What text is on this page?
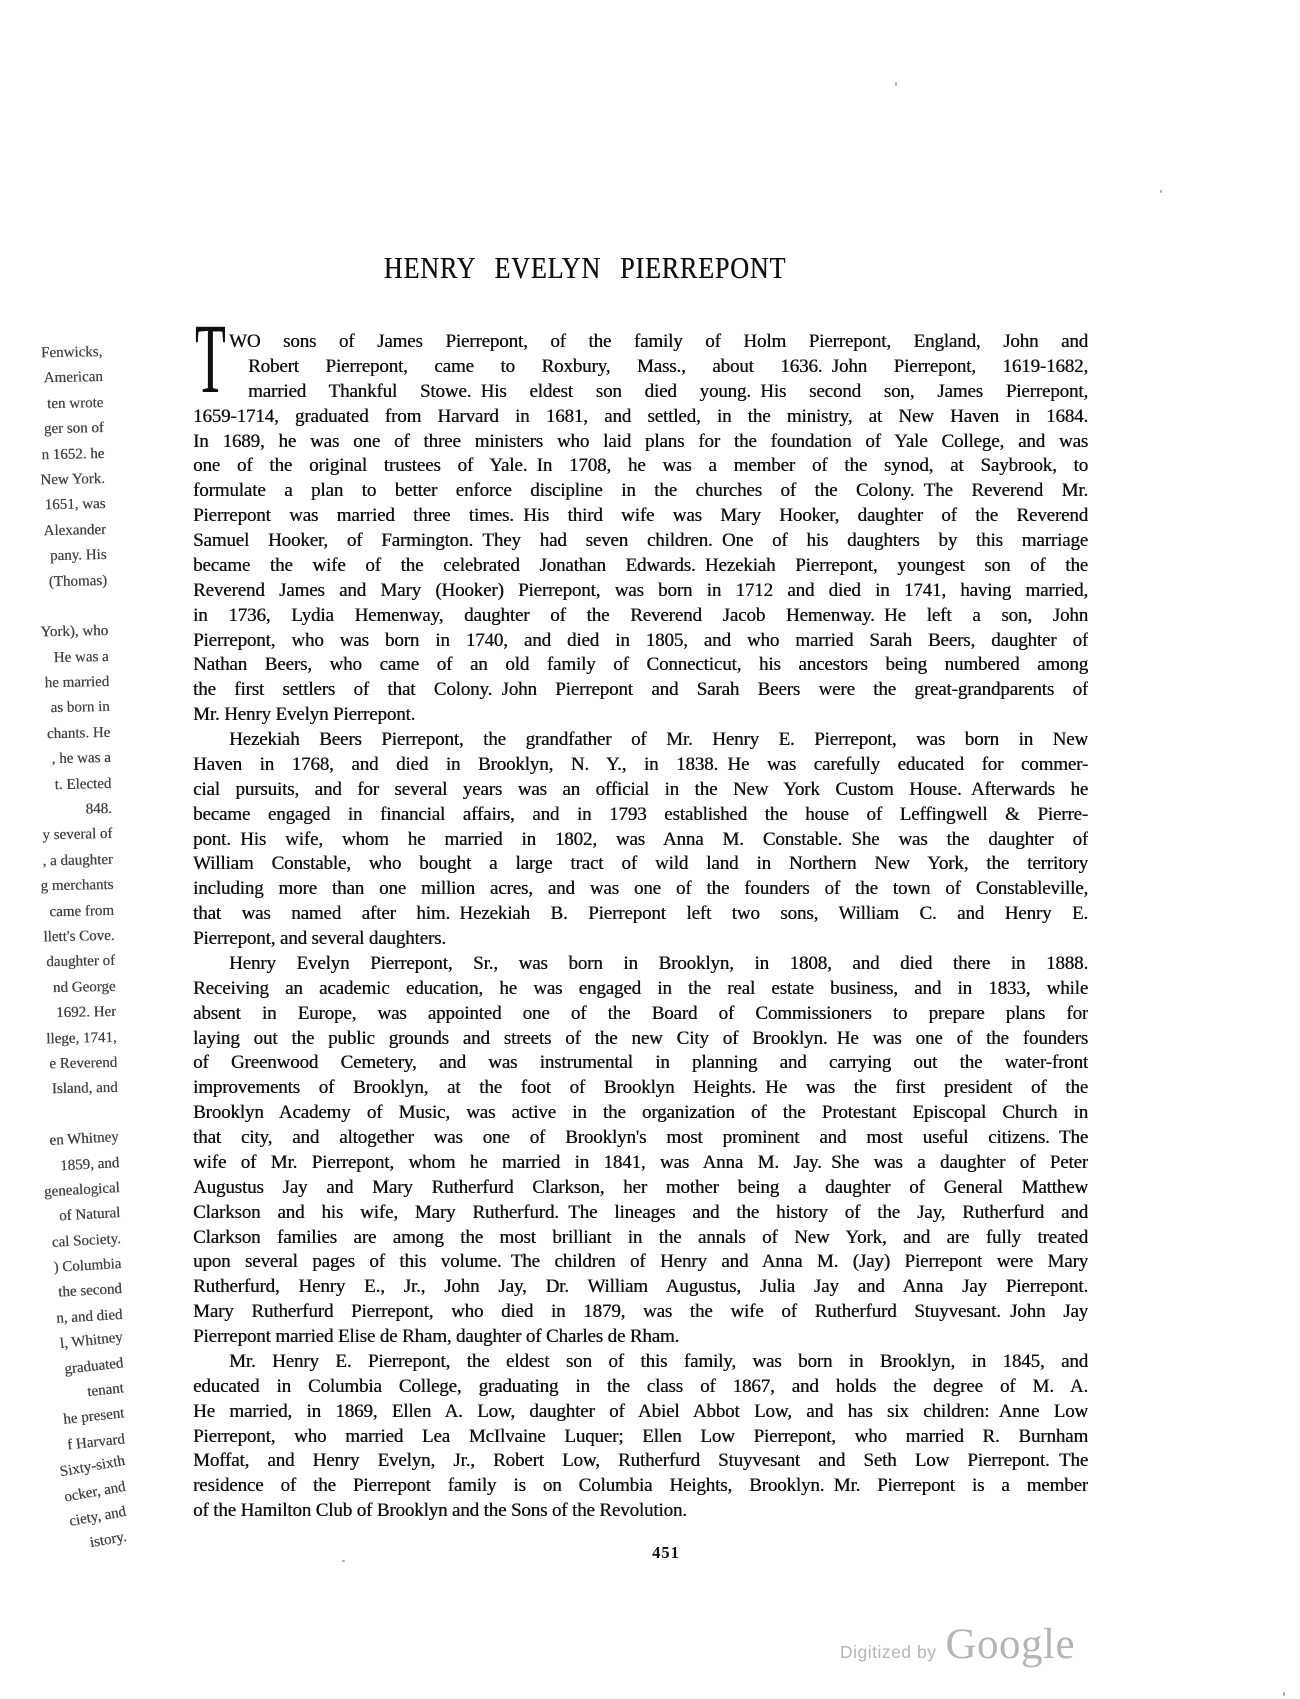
Fenwicks,
American
ten wrote
ger son of
n 1652. he
New York.
1651, was
Alexander
pany. His
(Thomas)
York), who
He was a
he married
as born in
chants. He
, he was a
t. Elected
848.
y several of
, a daughter
g merchants
came from
llett's Cove.
daughter of
nd George
1692. Her
llege, 1741,
e Reverend
Island, and
en Whitney
1859, and
genealogical
of Natural
cal Society.
) Columbia
the second
n, and died
l, Whitney
graduated
tenant
he present
f Harvard
Sixty-sixth
ocker, and
ciety, and
istory.
HENRY EVELYN PIERREPONT
T WO sons of James Pierrepont, of the family of Holm Pierrepont, England, John and
Robert Pierrepont, came to Roxbury, Mass., about 1636. John Pierrepont, 1619-1682,
married Thankful Stowe. His eldest son died young. His second son, James Pierrepont,
1659-1714, graduated from Harvard in 1681, and settled, in the ministry, at New Haven in 1684.
In 1689, he was one of three ministers who laid plans for the foundation of Yale College, and was
one of the original trustees of Yale. In 1708, he was a member of the synod, at Saybrook, to
formulate a plan to better enforce discipline in the churches of the Colony. The Reverend Mr.
Pierrepont was married three times. His third wife was Mary Hooker, daughter of the Reverend
Samuel Hooker, of Farmington. They had seven children. One of his daughters by this marriage
became the wife of the celebrated Jonathan Edwards. Hezekiah Pierrepont, youngest son of the
Reverend James and Mary (Hooker) Pierrepont, was born in 1712 and died in 1741, having married,
in 1736, Lydia Hemenway, daughter of the Reverend Jacob Hemenway. He left a son, John
Pierrepont, who was born in 1740, and died in 1805, and who married Sarah Beers, daughter of
Nathan Beers, who came of an old family of Connecticut, his ancestors being numbered among
the first settlers of that Colony. John Pierrepont and Sarah Beers were the great-grandparents of
Mr. Henry Evelyn Pierrepont.
Hezekiah Beers Pierrepont, the grandfather of Mr. Henry E. Pierrepont, was born in New
Haven in 1768, and died in Brooklyn, N. Y., in 1838. He was carefully educated for commer-
cial pursuits, and for several years was an official in the New York Custom House. Afterwards he
became engaged in financial affairs, and in 1793 established the house of Leffingwell & Pierre-
pont. His wife, whom he married in 1802, was Anna M. Constable. She was the daughter of
William Constable, who bought a large tract of wild land in Northern New York, the territory
including more than one million acres, and was one of the founders of the town of Constableville,
that was named after him. Hezekiah B. Pierrepont left two sons, William C. and Henry E.
Pierrepont, and several daughters.
Henry Evelyn Pierrepont, Sr., was born in Brooklyn, in 1808, and died there in 1888.
Receiving an academic education, he was engaged in the real estate business, and in 1833, while
absent in Europe, was appointed one of the Board of Commissioners to prepare plans for
laying out the public grounds and streets of the new City of Brooklyn. He was one of the founders
of Greenwood Cemetery, and was instrumental in planning and carrying out the water-front
improvements of Brooklyn, at the foot of Brooklyn Heights. He was the first president of the
Brooklyn Academy of Music, was active in the organization of the Protestant Episcopal Church in
that city, and altogether was one of Brooklyn's most prominent and most useful citizens. The
wife of Mr. Pierrepont, whom he married in 1841, was Anna M. Jay. She was a daughter of Peter
Augustus Jay and Mary Rutherfurd Clarkson, her mother being a daughter of General Matthew
Clarkson and his wife, Mary Rutherfurd. The lineages and the history of the Jay, Rutherfurd and
Clarkson families are among the most brilliant in the annals of New York, and are fully treated
upon several pages of this volume. The children of Henry and Anna M. (Jay) Pierrepont were Mary
Rutherfurd, Henry E., Jr., John Jay, Dr. William Augustus, Julia Jay and Anna Jay Pierrepont.
Mary Rutherfurd Pierrepont, who died in 1879, was the wife of Rutherfurd Stuyvesant. John Jay
Pierrepont married Elise de Rham, daughter of Charles de Rham.
Mr. Henry E. Pierrepont, the eldest son of this family, was born in Brooklyn, in 1845, and
educated in Columbia College, graduating in the class of 1867, and holds the degree of M. A.
He married, in 1869, Ellen A. Low, daughter of Abiel Abbot Low, and has six children: Anne Low
Pierrepont, who married Lea McIlvaine Luquer; Ellen Low Pierrepont, who married R. Burnham
Moffat, and Henry Evelyn, Jr., Robert Low, Rutherfurd Stuyvesant and Seth Low Pierrepont. The
residence of the Pierrepont family is on Columbia Heights, Brooklyn. Mr. Pierrepont is a member
of the Hamilton Club of Brooklyn and the Sons of the Revolution.
451
Digitized by Google
